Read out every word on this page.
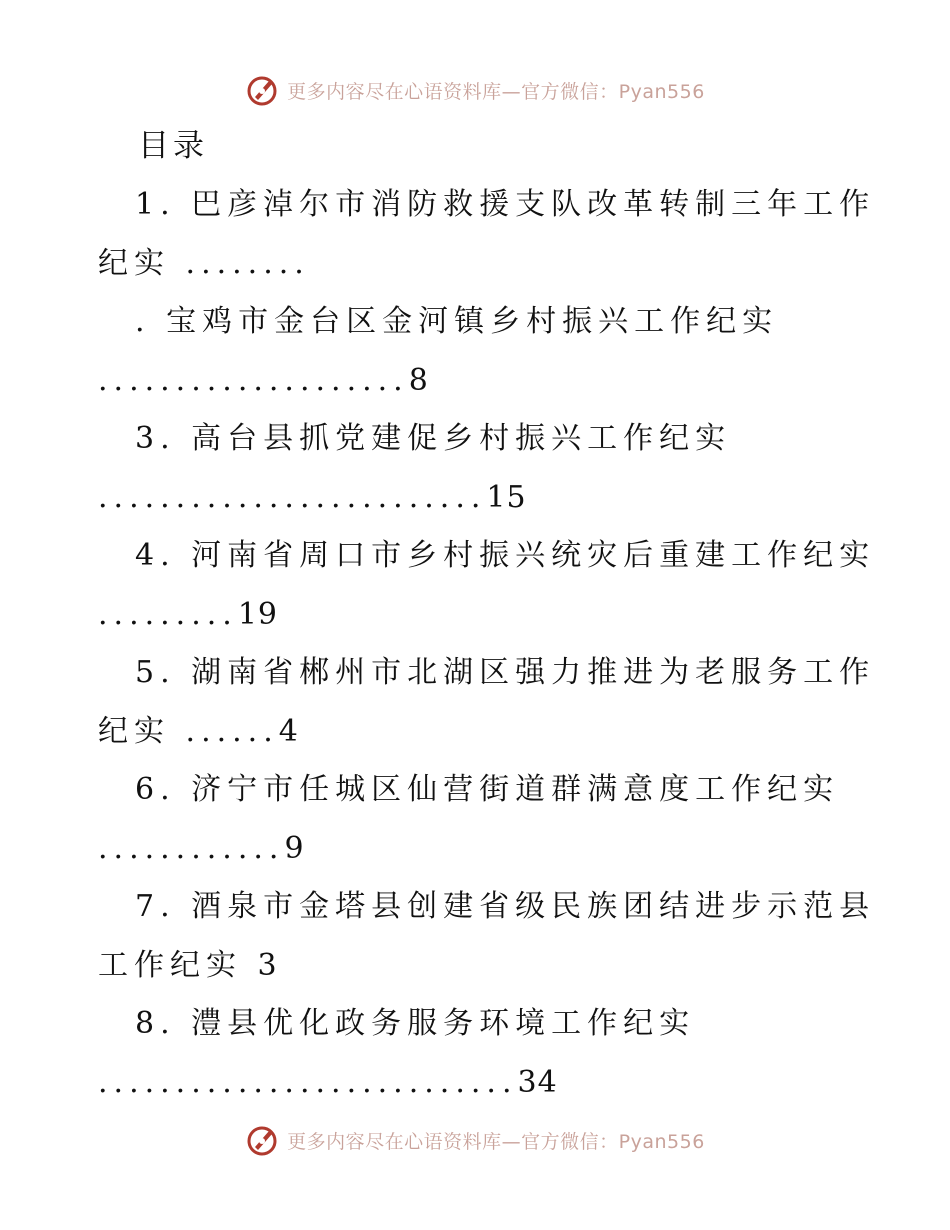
更多内容尽在心语资料库—官方微信：Pyan556
目录
1. 巴彦淖尔市消防救援支队改革转制三年工作
纪实 ........
. 宝鸡市金台区金河镇乡村振兴工作纪实
....................8
3. 高台县抓党建促乡村振兴工作纪实
.........................15
4. 河南省周口市乡村振兴统灾后重建工作纪实
.........19
5. 湖南省郴州市北湖区强力推进为老服务工作
纪实 ......4
6. 济宁市任城区仙营街道群满意度工作纪实
............9
7. 酒泉市金塔县创建省级民族团结进步示范县
工作纪实 3
8. 澧县优化政务服务环境工作纪实
...........................34
更多内容尽在心语资料库—官方微信：Pyan556
